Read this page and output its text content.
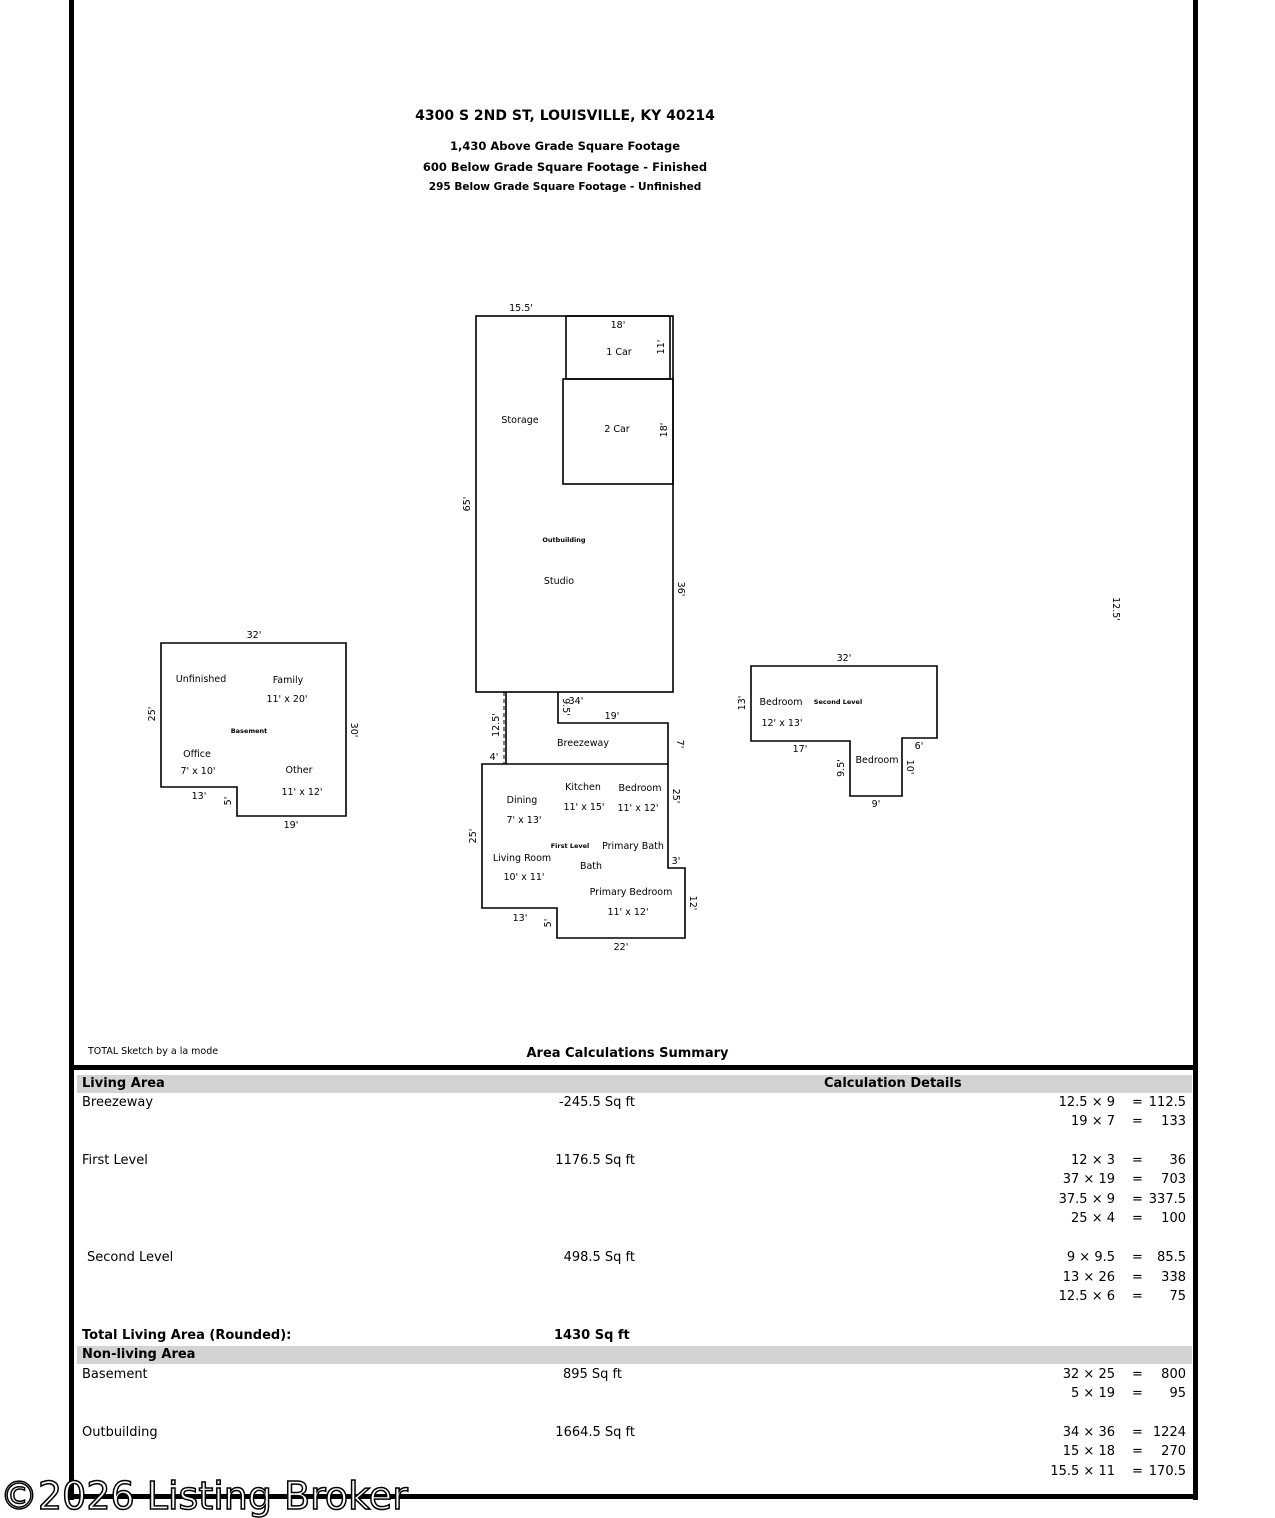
4300 S 2ND ST, LOUISVILLE, KY 40214
1,430 Above Grade Square Footage
600 Below Grade Square Footage - Finished
295 Below Grade Square Footage - Unfinished
15.5'
18'
11'
18'
65'
36'
34'
1 Car
2 Car
Storage
Outbuilding
Studio
32'
25'
30'
13' 5'
19'
Unfinished	Family
11' x 20'
Basement
Office
7' x 10'	Other
11' x 12'
12.5'
9.5'
19'
7'
4'
25'
25'
3'
12'
13' 5'
22'
Breezeway
Dining
7' x 13'
Kitchen
11' x 15'
Bedroom
11' x 12'
First Level Primary Bath
Living Room
10' x 11'
Bath
Primary Bedroom
11' x 12'
32'
13'
17'
9.5'
9'
10'
6'
12.5'
Bedroom
12' x 13'
Second Level
Bedroom
TOTAL Sketch by a la mode	Area Calculations Summary
Living Area	Calculation Details
Breezeway	-245.5 Sq ft	12.5 × 9 = 112.5
19 × 7 = 133
First Level	1176.5 Sq ft	12 × 3 = 36
37 × 19 = 703
37.5 × 9 = 337.5
25 × 4 = 100
Second Level	498.5 Sq ft	9 × 9.5 = 85.5
13 × 26 = 338
12.5 × 6 = 75
Total Living Area (Rounded):	1430 Sq ft
Non-living Area
Basement	895 Sq ft	32 × 25 = 800
5 × 19 = 95
Outbuilding	1664.5 Sq ft	34 × 36 = 1224
15 × 18 = 270
15.5 × 11 = 170.5
©2026 Listing Broker
